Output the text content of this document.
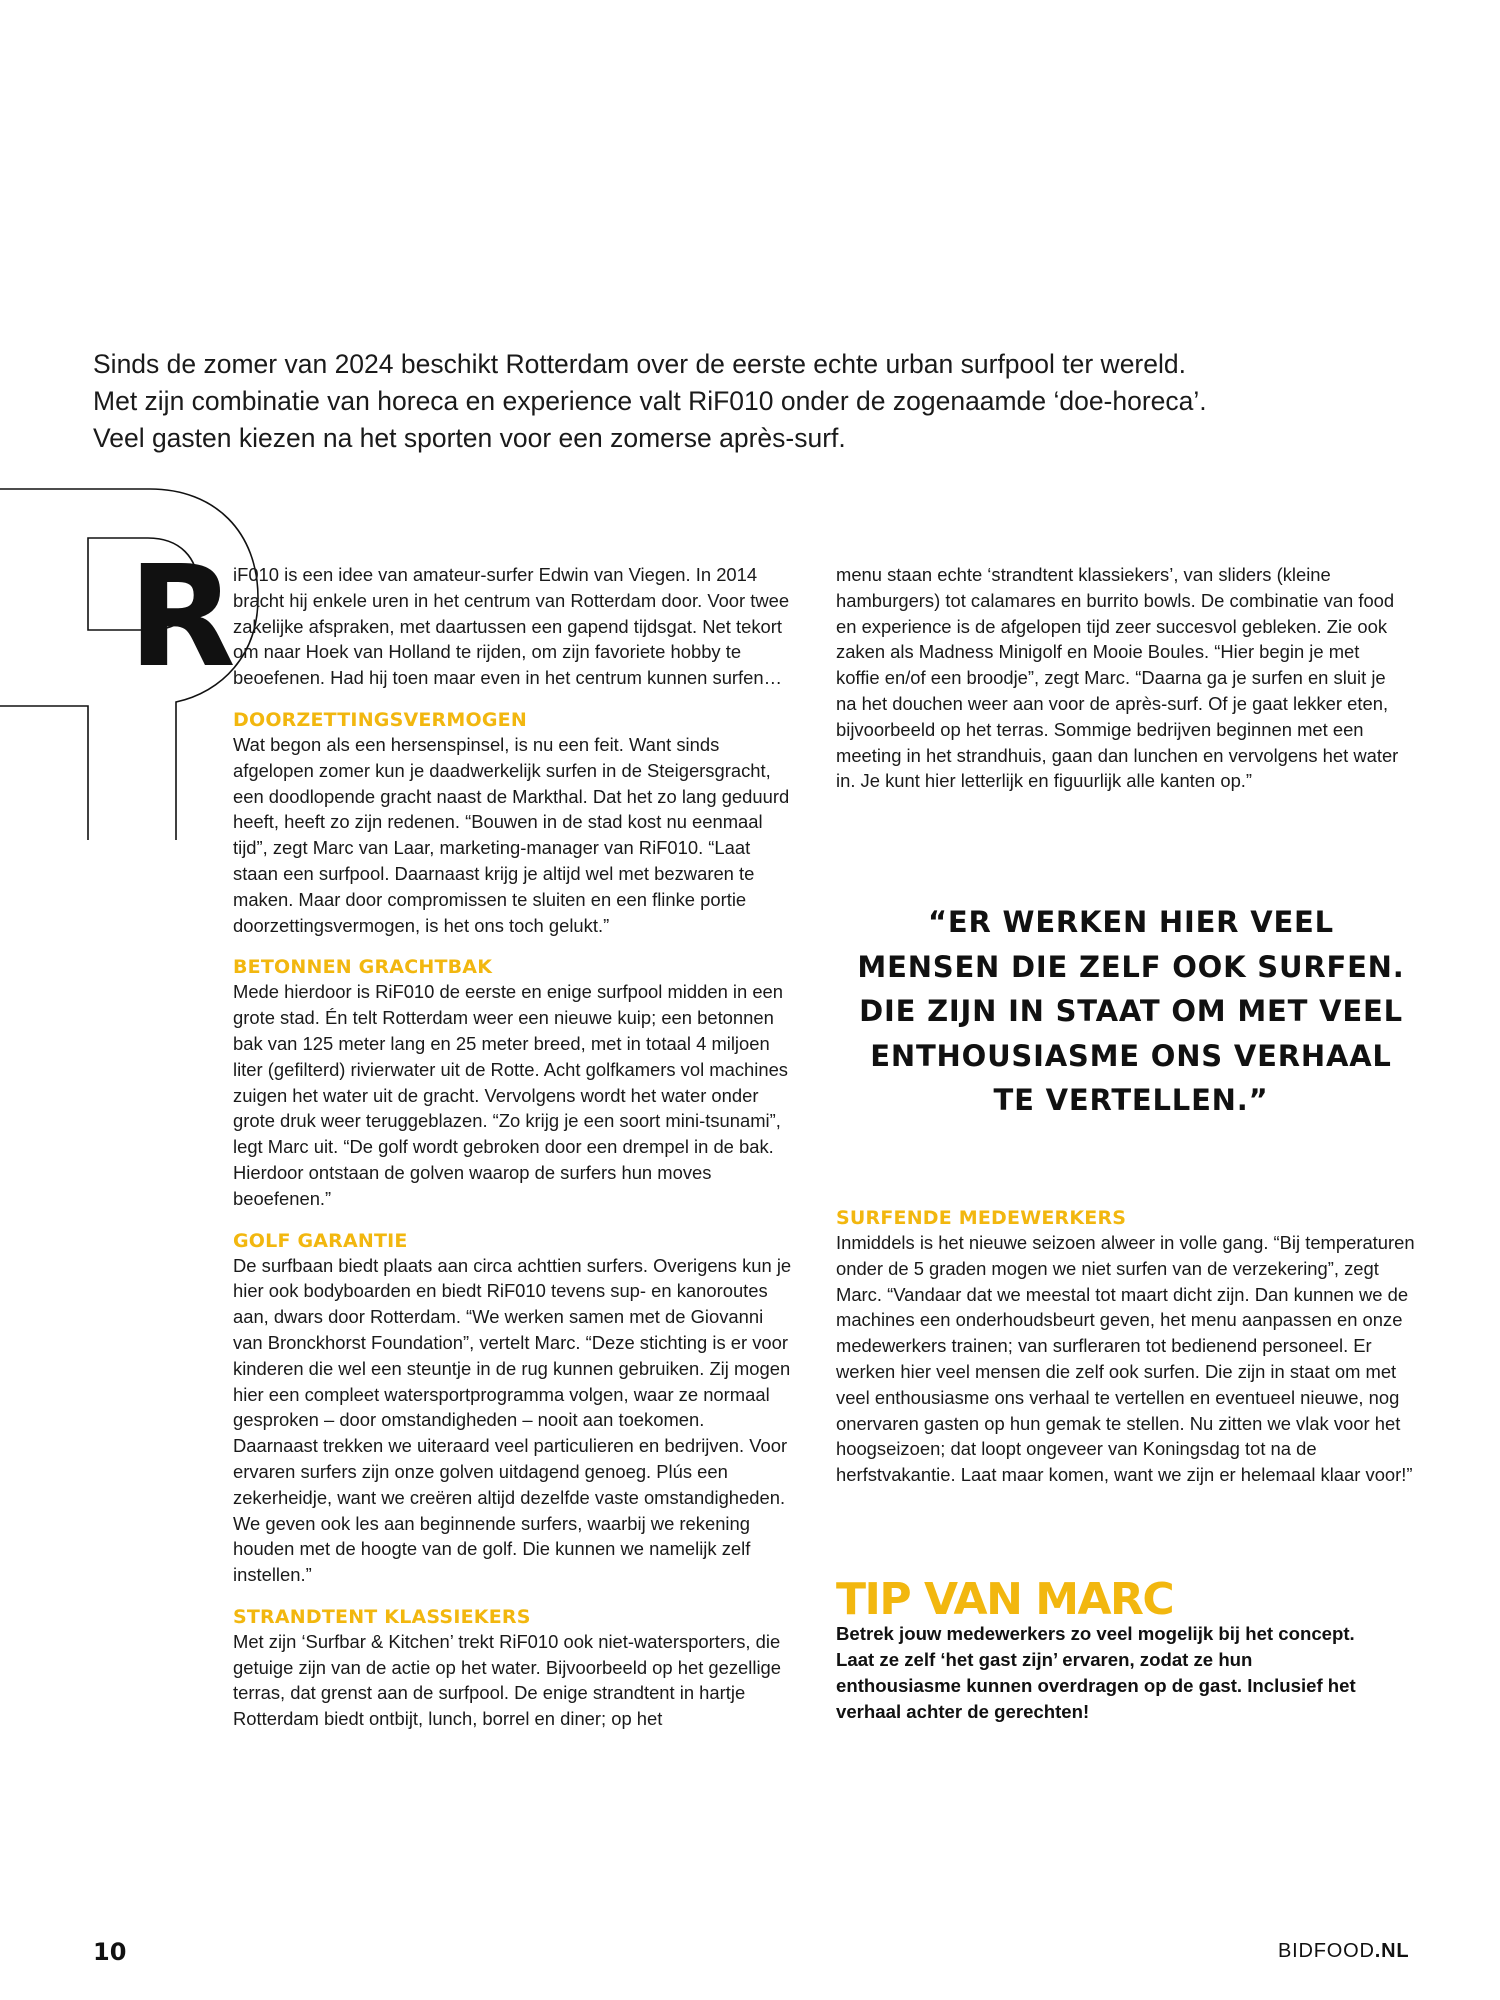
Sinds de zomer van 2024 beschikt Rotterdam over de eerste echte urban surfpool ter wereld.

Met zijn combinatie van horeca en experience valt RiF010 onder de zogenaamde ‘doe-horeca’.

Veel gasten kiezen na het sporten voor een zomerse après-surf.

R iF010 is een idee van amateur-surfer Edwin van Viegen. In 2014 bracht hij enkele uren in het centrum van Rotterdam door. Voor twee zakelijke afspraken, met daartussen een gapend tijdsgat. Net tekort om naar Hoek van Holland te rijden, om zijn favoriete hobby te beoefenen. Had hij toen maar even in het centrum kunnen surfen…

DOORZETTINGSVERMOGEN

Wat begon als een hersenspinsel, is nu een feit. Want sinds afgelopen zomer kun je daadwerkelijk surfen in de Steigersgracht, een doodlopende gracht naast de Markthal. Dat het zo lang geduurd heeft, heeft zo zijn redenen. “Bouwen in de stad kost nu eenmaal tijd”, zegt Marc van Laar, marketing-manager van RiF010. “Laat staan een surfpool. Daarnaast krijg je altijd wel met bezwaren te maken. Maar door compromissen te sluiten en een flinke portie doorzettingsvermogen, is het ons toch gelukt.”

BETONNEN GRACHTBAK

Mede hierdoor is RiF010 de eerste en enige surfpool midden in een grote stad. Én telt Rotterdam weer een nieuwe kuip; een betonnen bak van 125 meter lang en 25 meter breed, met in totaal 4 miljoen liter (gefilterd) rivierwater uit de Rotte. Acht golfkamers vol machines zuigen het water uit de gracht. Vervolgens wordt het water onder grote druk weer teruggeblazen. “Zo krijg je een soort mini-tsunami”, legt Marc uit. “De golf wordt gebroken door een drempel in de bak. Hierdoor ontstaan de golven waarop de surfers hun moves beoefenen.”

GOLF GARANTIE

De surfbaan biedt plaats aan circa achttien surfers. Overigens kun je hier ook bodyboarden en biedt RiF010 tevens sup- en kanoroutes aan, dwars door Rotterdam. “We werken samen met de Giovanni van Bronckhorst Foundation”, vertelt Marc. “Deze stichting is er voor kinderen die wel een steuntje in de rug kunnen gebruiken. Zij mogen hier een compleet watersportprogramma volgen, waar ze normaal gesproken – door omstandigheden – nooit aan toekomen. Daarnaast trekken we uiteraard veel particulieren en bedrijven. Voor ervaren surfers zijn onze golven uitdagend genoeg. Plús een zekerheidje, want we creëren altijd dezelfde vaste omstandigheden. We geven ook les aan beginnende surfers, waarbij we rekening houden met de hoogte van de golf. Die kunnen we namelijk zelf instellen.”

STRANDTENT KLASSIEKERS

Met zijn ‘Surfbar & Kitchen’ trekt RiF010 ook niet-watersporters, die getuige zijn van de actie op het water. Bijvoorbeeld op het gezellige terras, dat grenst aan de surfpool. De enige strandtent in hartje Rotterdam biedt ontbijt, lunch, borrel en diner; op het

menu staan echte ‘strandtent klassiekers’, van sliders (kleine hamburgers) tot calamares en burrito bowls. De combinatie van food en experience is de afgelopen tijd zeer succesvol gebleken. Zie ook zaken als Madness Minigolf en Mooie Boules. “Hier begin je met koffie en/of een broodje”, zegt Marc. “Daarna ga je surfen en sluit je na het douchen weer aan voor de après-surf. Of je gaat lekker eten, bijvoorbeeld op het terras. Sommige bedrijven beginnen met een meeting in het strandhuis, gaan dan lunchen en vervolgens het water in. Je kunt hier letterlijk en figuurlijk alle kanten op.”

“ER WERKEN HIER VEEL
MENSEN DIE ZELF OOK SURFEN.
DIE ZIJN IN STAAT OM MET VEEL
ENTHOUSIASME ONS VERHAAL
TE VERTELLEN.”
SURFENDE MEDEWERKERS

Inmiddels is het nieuwe seizoen alweer in volle gang. “Bij temperaturen onder de 5 graden mogen we niet surfen van de verzekering”, zegt Marc. “Vandaar dat we meestal tot maart dicht zijn. Dan kunnen we de machines een onderhoudsbeurt geven, het menu aanpassen en onze medewerkers trainen; van surfleraren tot bedienend personeel. Er werken hier veel mensen die zelf ook surfen. Die zijn in staat om met veel enthousiasme ons verhaal te vertellen en eventueel nieuwe, nog onervaren gasten op hun gemak te stellen. Nu zitten we vlak voor het hoogseizoen; dat loopt ongeveer van Koningsdag tot na de herfstvakantie. Laat maar komen, want we zijn er helemaal klaar voor!”

TIP VAN MARC
Betrek jouw medewerkers zo veel mogelijk bij het concept. Laat ze zelf ‘het gast zijn’ ervaren, zodat ze hun enthousiasme kunnen overdragen op de gast. Inclusief het verhaal achter de gerechten!
10	BIDFOOD.NL
